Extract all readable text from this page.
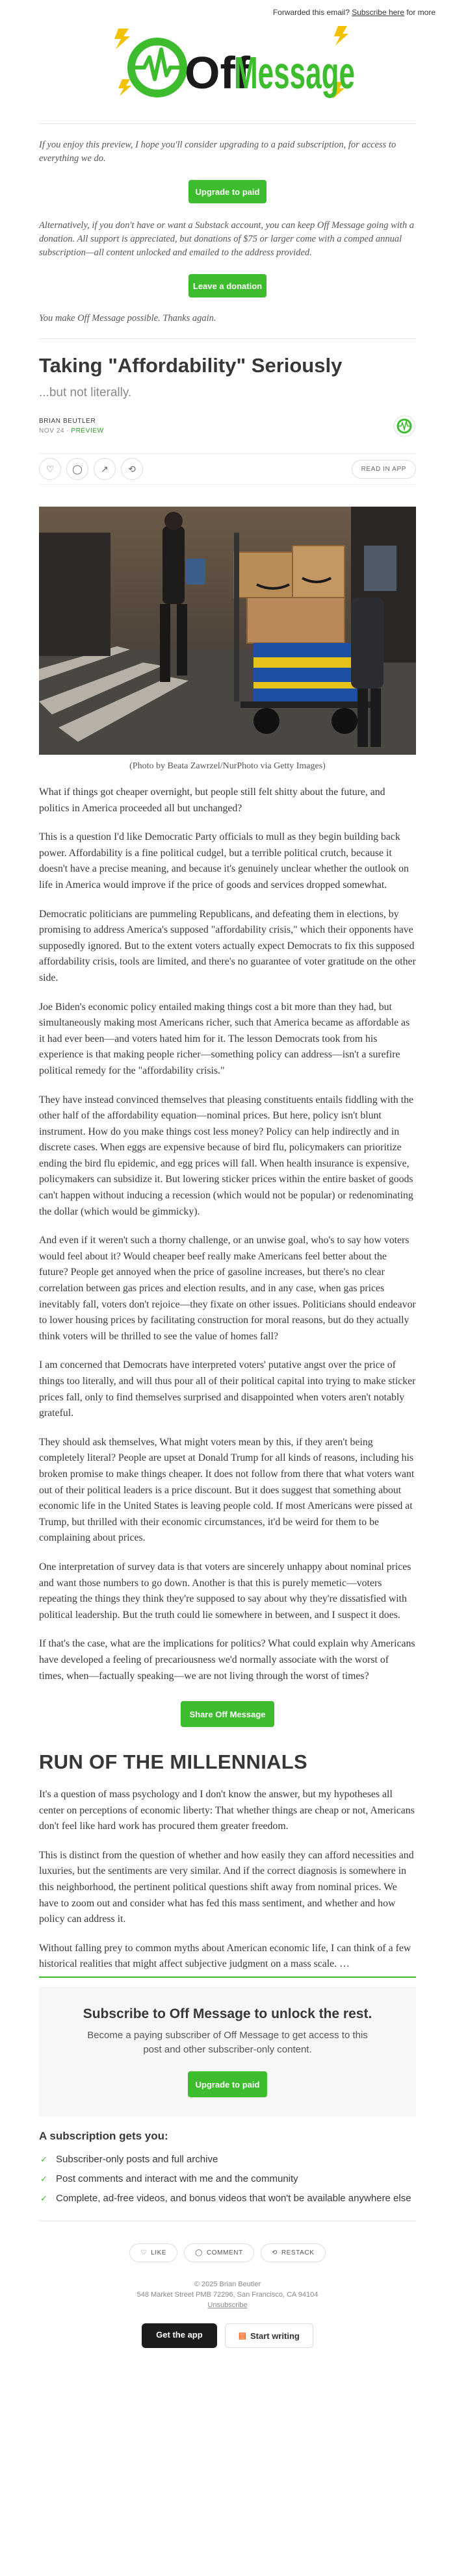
Forwarded this email? Subscribe here for more
Off
Message

If you enjoy this preview, I hope you'll consider upgrading to a paid subscription, for access to everything we do.

Upgrade to paid

Alternatively, if you don't have or want a Substack account, you can keep Off Message going with a donation. All support is appreciated, but donations of $75 or larger come with a comped annual subscription—all content unlocked and emailed to the address provided.

Leave a donation

You make Off Message possible. Thanks again.

Taking "Affordability" Seriously
...but not literally.
BRIAN BEUTLER
NOV 24 ∙ PREVIEW
♡ ◯ ↗ ⟲	READ IN APP
(Photo by Beata Zawrzel/NurPhoto via Getty Images)

What if things got cheaper overnight, but people still felt shitty about the future, and politics in America proceeded all but unchanged?

This is a question I'd like Democratic Party officials to mull as they begin building back power. Affordability is a fine political cudgel, but a terrible political crutch, because it doesn't have a precise meaning, and because it's genuinely unclear whether the outlook on life in America would improve if the price of goods and services dropped somewhat.

Democratic politicians are pummeling Republicans, and defeating them in elections, by promising to address America's supposed "affordability crisis," which their opponents have supposedly ignored. But to the extent voters actually expect Democrats to fix this supposed affordability crisis, tools are limited, and there's no guarantee of voter gratitude on the other side.

Joe Biden's economic policy entailed making things cost a bit more than they had, but simultaneously making most Americans richer, such that America became as affordable as it had ever been—and voters hated him for it. The lesson Democrats took from his experience is that making people richer—something policy can address—isn't a surefire political remedy for the "affordability crisis."

They have instead convinced themselves that pleasing constituents entails fiddling with the other half of the affordability equation—nominal prices. But here, policy isn't blunt instrument. How do you make things cost less money? Policy can help indirectly and in discrete cases. When eggs are expensive because of bird flu, policymakers can prioritize ending the bird flu epidemic, and egg prices will fall. When health insurance is expensive, policymakers can subsidize it. But lowering sticker prices within the entire basket of goods can't happen without inducing a recession (which would not be popular) or redenominating the dollar (which would be gimmicky).

And even if it weren't such a thorny challenge, or an unwise goal, who's to say how voters would feel about it? Would cheaper beef really make Americans feel better about the future? People get annoyed when the price of gasoline increases, but there's no clear correlation between gas prices and election results, and in any case, when gas prices inevitably fall, voters don't rejoice—they fixate on other issues. Politicians should endeavor to lower housing prices by facilitating construction for moral reasons, but do they actually think voters will be thrilled to see the value of homes fall?

I am concerned that Democrats have interpreted voters' putative angst over the price of things too literally, and will thus pour all of their political capital into trying to make sticker prices fall, only to find themselves surprised and disappointed when voters aren't notably grateful.

They should ask themselves, What might voters mean by this, if they aren't being completely literal? People are upset at Donald Trump for all kinds of reasons, including his broken promise to make things cheaper. It does not follow from there that what voters want out of their political leaders is a price discount. But it does suggest that something about economic life in the United States is leaving people cold. If most Americans were pissed at Trump, but thrilled with their economic circumstances, it'd be weird for them to be complaining about prices.

One interpretation of survey data is that voters are sincerely unhappy about nominal prices and want those numbers to go down. Another is that this is purely memetic—voters repeating the things they think they're supposed to say about why they're dissatisfied with political leadership. But the truth could lie somewhere in between, and I suspect it does.

If that's the case, what are the implications for politics? What could explain why Americans have developed a feeling of precariousness we'd normally associate with the worst of times, when—factually speaking—we are not living through the worst of times?

Share Off Message
RUN OF THE MILLENNIALS

It's a question of mass psychology and I don't know the answer, but my hypotheses all center on perceptions of economic liberty: That whether things are cheap or not, Americans don't feel like hard work has procured them greater freedom.

This is distinct from the question of whether and how easily they can afford necessities and luxuries, but the sentiments are very similar. And if the correct diagnosis is somewhere in this neighborhood, the pertinent political questions shift away from nominal prices. We have to zoom out and consider what has fed this mass sentiment, and whether and how policy can address it.

Without falling prey to common myths about American economic life, I can think of a few historical realities that might affect subjective judgment on a mass scale. …

Subscribe to Off Message to unlock the rest.

Become a paying subscriber of Off Message to get access to this post and other subscriber-only content.

Upgrade to paid
A subscription gets you:
✓ Subscriber-only posts and full archive
✓ Post comments and interact with me and the community
✓ Complete, ad-free videos, and bonus videos that won't be available anywhere else
♡ LIKE	◯ COMMENT	⟲ RESTACK
© 2025 Brian Beutler
548 Market Street PMB 72296, San Francisco, CA 94104
Unsubscribe
Get the app	▤ Start writing
